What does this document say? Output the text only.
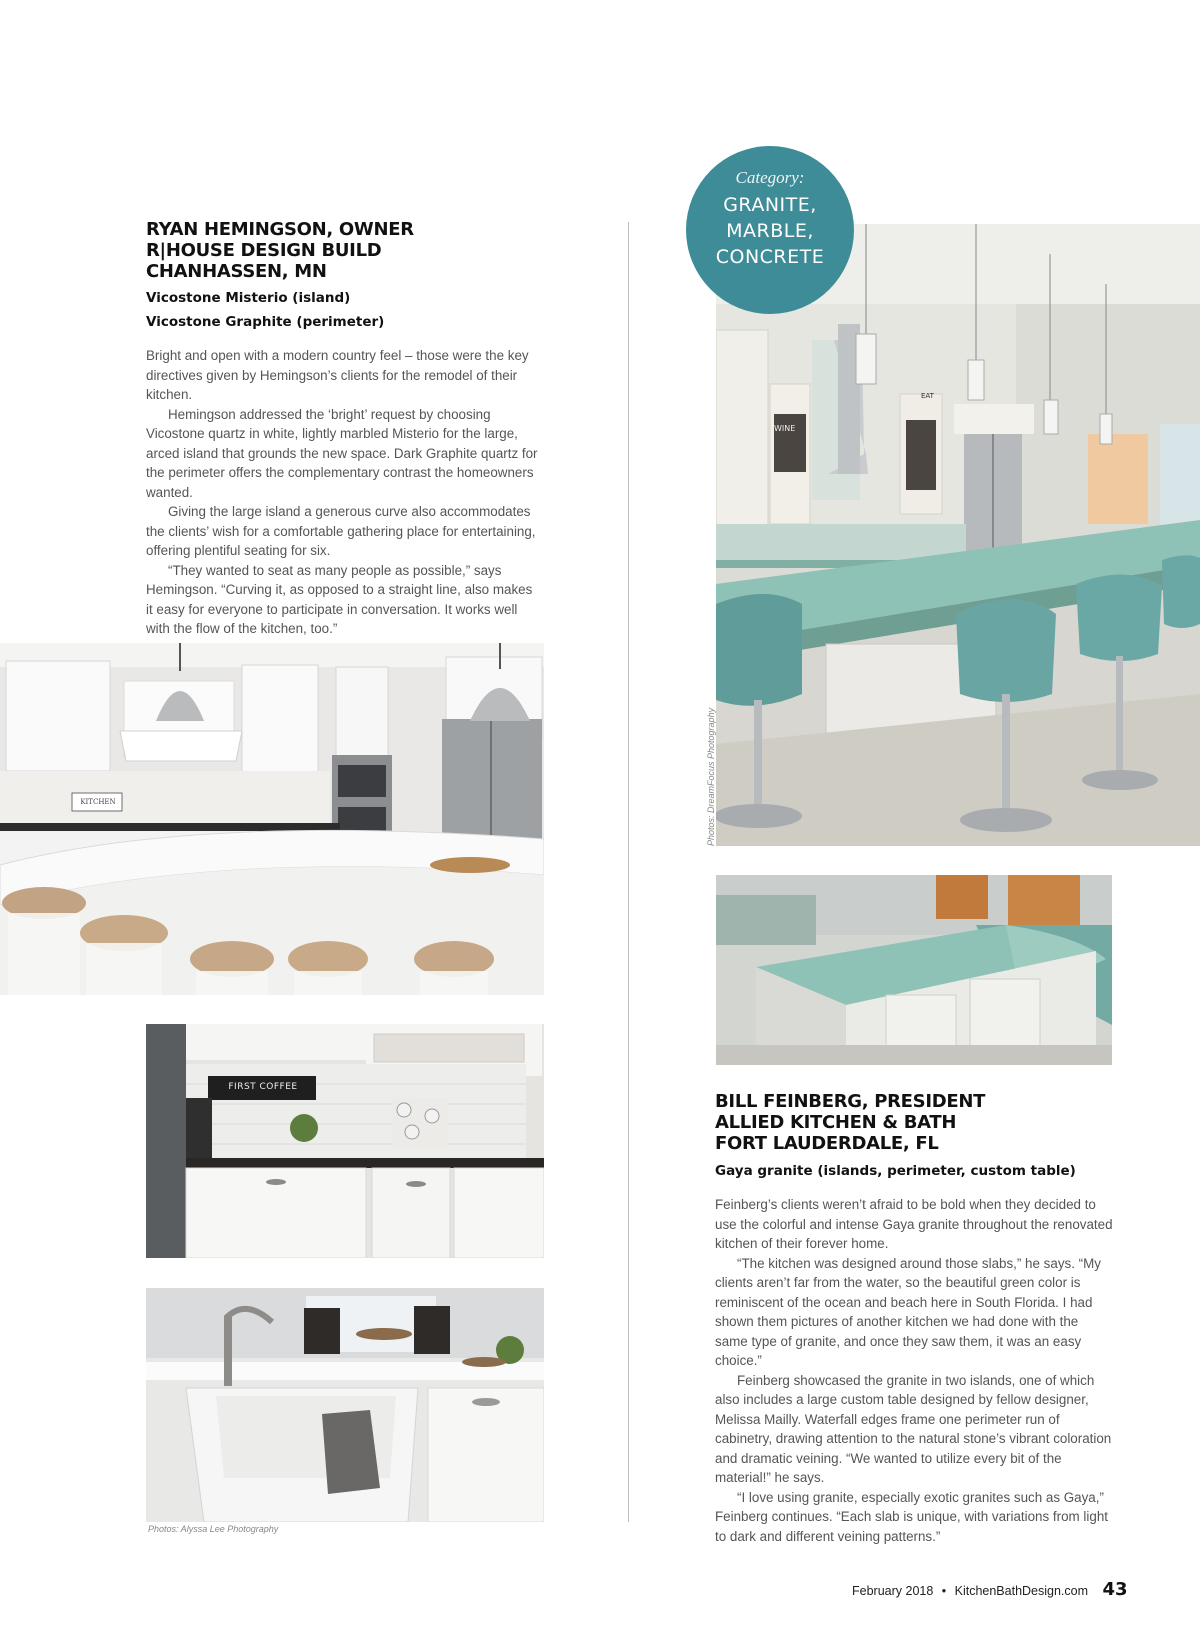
RYAN HEMINGSON, OWNER
R|HOUSE DESIGN BUILD
CHANHASSEN, MN
Vicostone Misterio (island)
Vicostone Graphite (perimeter)

Bright and open with a modern country feel – those were the key directives given by Hemingson’s clients for the remodel of their kitchen.

Hemingson addressed the ‘bright’ request by choosing Vicostone quartz in white, lightly marbled Misterio for the large, arced island that grounds the new space. Dark Graphite quartz for the perimeter offers the complementary contrast the homeowners wanted.

Giving the large island a generous curve also accommodates the clients’ wish for a comfortable gathering place for entertaining, offering plentiful seating for six.

“They wanted to seat as many people as possible,” says Hemingson. “Curving it, as opposed to a straight line, also makes it easy for everyone to participate in conversation. It works well with the flow of the kitchen, too.”

KITCHEN
FIRST COFFEE
Photos: Alyssa Lee Photography
WINE
EAT
Photos: DreamFocus Photography
Category:
GRANITE,
MARBLE,
CONCRETE
BILL FEINBERG, PRESIDENT
ALLIED KITCHEN & BATH
FORT LAUDERDALE, FL
Gaya granite (islands, perimeter, custom table)

Feinberg’s clients weren’t afraid to be bold when they decided to use the colorful and intense Gaya granite throughout the renovated kitchen of their forever home.

“The kitchen was designed around those slabs,” he says. “My clients aren’t far from the water, so the beautiful green color is reminiscent of the ocean and beach here in South Florida. I had shown them pictures of another kitchen we had done with the same type of granite, and once they saw them, it was an easy choice.”

Feinberg showcased the granite in two islands, one of which also includes a large custom table designed by fellow designer, Melissa Mailly. Waterfall edges frame one perimeter run of cabinetry, drawing attention to the natural stone’s vibrant coloration and dramatic veining. “We wanted to utilize every bit of the material!” he says.

“I love using granite, especially exotic granites such as Gaya,” Feinberg continues. “Each slab is unique, with variations from light to dark and different veining patterns.”

February 2018 • KitchenBathDesign.com 43
